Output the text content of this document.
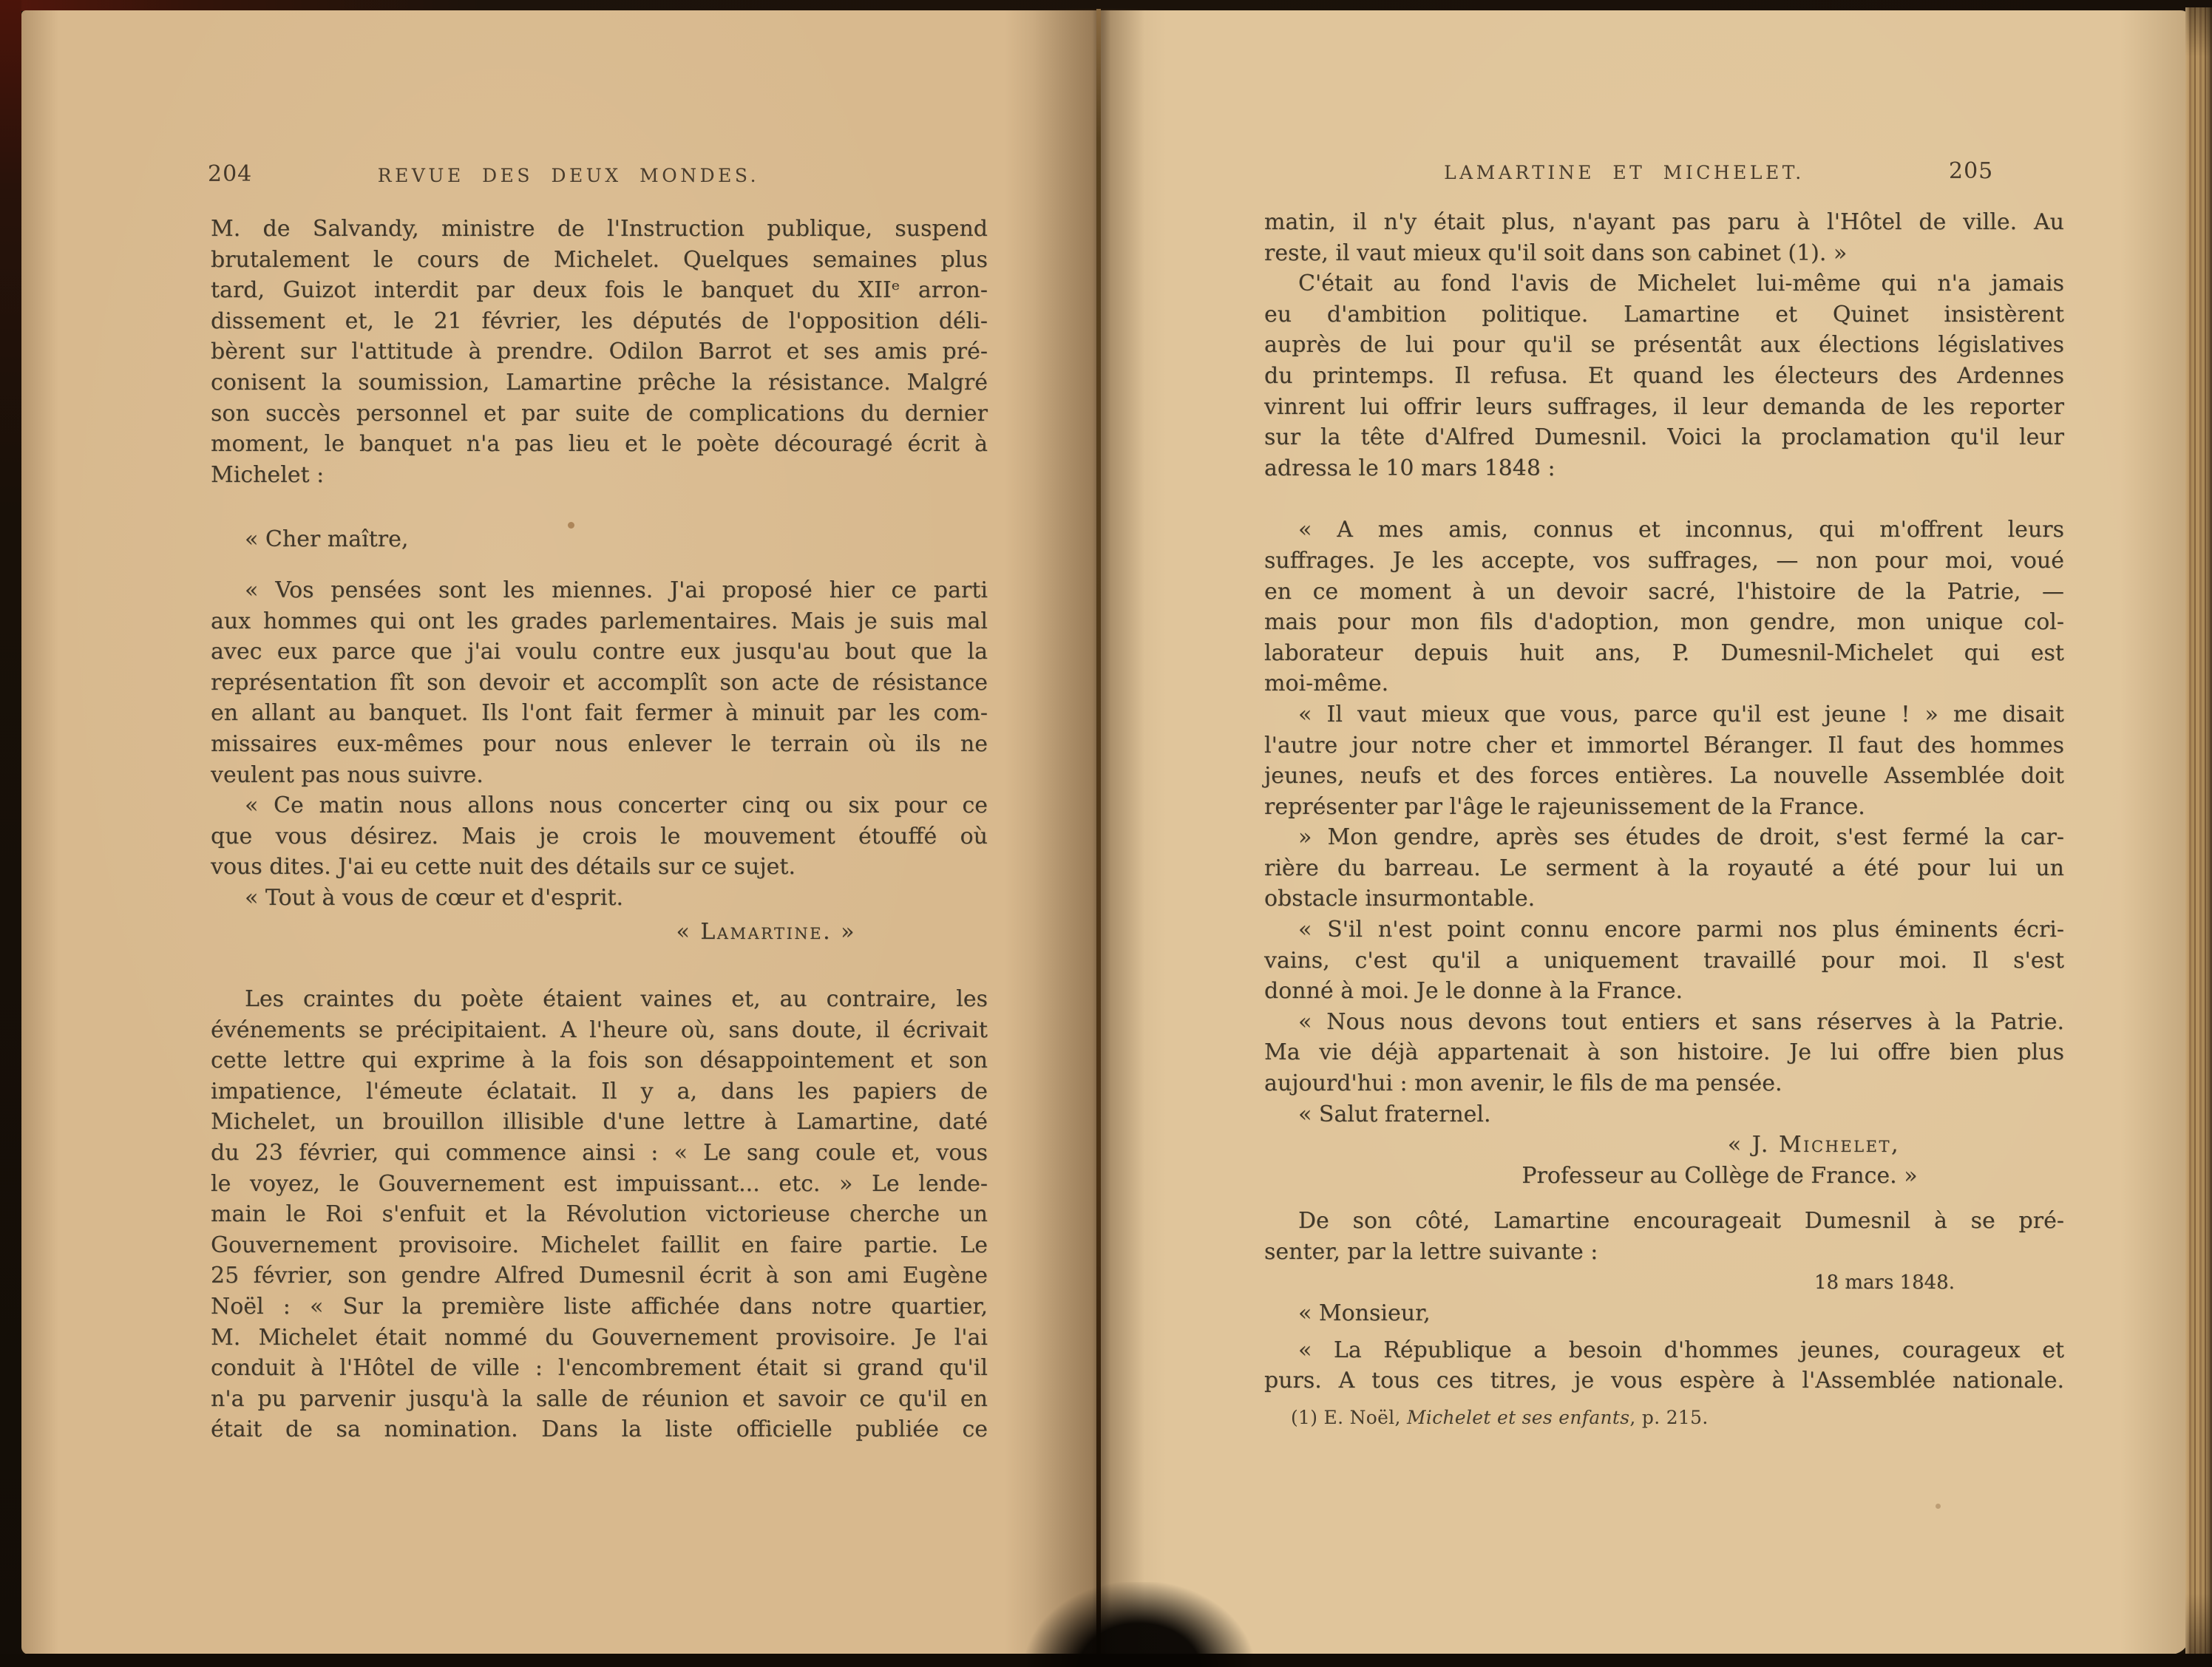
204	REVUE DES DEUX MONDES.	LAMARTINE ET MICHELET.	205
M. de Salvandy, ministre de l'Instruction publique, suspend
brutalement le cours de Michelet. Quelques semaines plus
tard, Guizot interdit par deux fois le banquet du XIIᵉ arron-
dissement et, le 21 février, les députés de l'opposition déli-
bèrent sur l'attitude à prendre. Odilon Barrot et ses amis pré-
conisent la soumission, Lamartine prêche la résistance. Malgré
son succès personnel et par suite de complications du dernier
moment, le banquet n'a pas lieu et le poète découragé écrit à
Michelet :
« Cher maître,
« Vos pensées sont les miennes. J'ai proposé hier ce parti
aux hommes qui ont les grades parlementaires. Mais je suis mal
avec eux parce que j'ai voulu contre eux jusqu'au bout que la
représentation fît son devoir et accomplît son acte de résistance
en allant au banquet. Ils l'ont fait fermer à minuit par les com-
missaires eux-mêmes pour nous enlever le terrain où ils ne
veulent pas nous suivre.
« Ce matin nous allons nous concerter cinq ou six pour ce
que vous désirez. Mais je crois le mouvement étouffé où
vous dites. J'ai eu cette nuit des détails sur ce sujet.
« Tout à vous de cœur et d'esprit.
« Lamartine. »
Les craintes du poète étaient vaines et, au contraire, les
événements se précipitaient. A l'heure où, sans doute, il écrivait
cette lettre qui exprime à la fois son désappointement et son
impatience, l'émeute éclatait. Il y a, dans les papiers de
Michelet, un brouillon illisible d'une lettre à Lamartine, daté
du 23 février, qui commence ainsi : « Le sang coule et, vous
le voyez, le Gouvernement est impuissant... etc. » Le lende-
main le Roi s'enfuit et la Révolution victorieuse cherche un
Gouvernement provisoire. Michelet faillit en faire partie. Le
25 février, son gendre Alfred Dumesnil écrit à son ami Eugène
Noël : « Sur la première liste affichée dans notre quartier,
M. Michelet était nommé du Gouvernement provisoire. Je l'ai
conduit à l'Hôtel de ville : l'encombrement était si grand qu'il
n'a pu parvenir jusqu'à la salle de réunion et savoir ce qu'il en
était de sa nomination. Dans la liste officielle publiée ce
matin, il n'y était plus, n'ayant pas paru à l'Hôtel de ville. Au
reste, il vaut mieux qu'il soit dans son cabinet (1). »
C'était au fond l'avis de Michelet lui-même qui n'a jamais
eu d'ambition politique. Lamartine et Quinet insistèrent
auprès de lui pour qu'il se présentât aux élections législatives
du printemps. Il refusa. Et quand les électeurs des Ardennes
vinrent lui offrir leurs suffrages, il leur demanda de les reporter
sur la tête d'Alfred Dumesnil. Voici la proclamation qu'il leur
adressa le 10 mars 1848 :
« A mes amis, connus et inconnus, qui m'offrent leurs
suffrages. Je les accepte, vos suffrages, — non pour moi, voué
en ce moment à un devoir sacré, l'histoire de la Patrie, —
mais pour mon fils d'adoption, mon gendre, mon unique col-
laborateur depuis huit ans, P. Dumesnil-Michelet qui est
moi-même.
« Il vaut mieux que vous, parce qu'il est jeune ! » me disait
l'autre jour notre cher et immortel Béranger. Il faut des hommes
jeunes, neufs et des forces entières. La nouvelle Assemblée doit
représenter par l'âge le rajeunissement de la France.
» Mon gendre, après ses études de droit, s'est fermé la car-
rière du barreau. Le serment à la royauté a été pour lui un
obstacle insurmontable.
« S'il n'est point connu encore parmi nos plus éminents écri-
vains, c'est qu'il a uniquement travaillé pour moi. Il s'est
donné à moi. Je le donne à la France.
« Nous nous devons tout entiers et sans réserves à la Patrie.
Ma vie déjà appartenait à son histoire. Je lui offre bien plus
aujourd'hui : mon avenir, le fils de ma pensée.
« Salut fraternel.
« J. Michelet,
Professeur au Collège de France. »
De son côté, Lamartine encourageait Dumesnil à se pré-
senter, par la lettre suivante :
18 mars 1848.
« Monsieur,
« La République a besoin d'hommes jeunes, courageux et
purs. A tous ces titres, je vous espère à l'Assemblée nationale.
(1) E. Noël, Michelet et ses enfants, p. 215.
